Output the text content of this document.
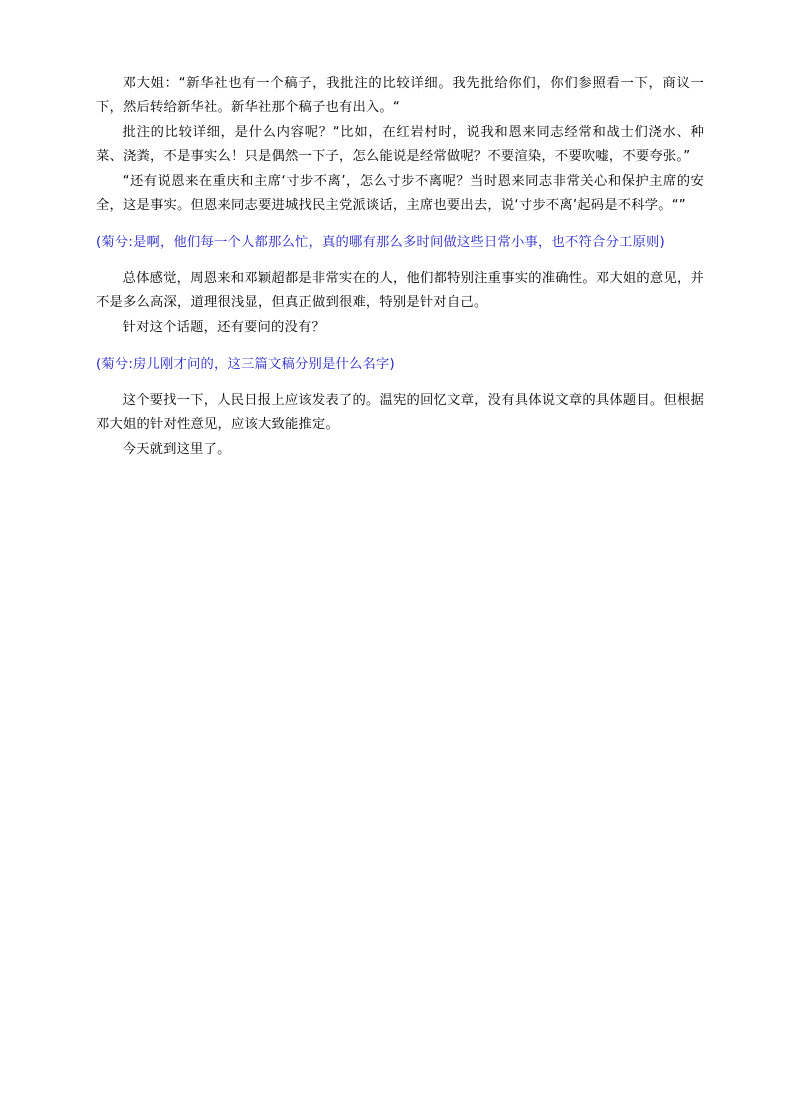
邓大姐：“新华社也有一个稿子，我批注的比较详细。我先批给你们，你们参照看一下，商议一下，然后转给新华社。新华社那个稿子也有出入。“

批注的比较详细，是什么内容呢？“比如，在红岩村时，说我和恩来同志经常和战士们浇水、种菜、浇粪，不是事实么！只是偶然一下子，怎么能说是经常做呢？不要渲染，不要吹嘘，不要夸张。”

“还有说恩来在重庆和主席‘寸步不离’，怎么寸步不离呢？当时恩来同志非常关心和保护主席的安全，这是事实。但恩来同志要进城找民主党派谈话，主席也要出去，说‘寸步不离’起码是不科学。“”

(菊兮:是啊，他们每一个人都那么忙，真的哪有那么多时间做这些日常小事，也不符合分工原则)

总体感觉，周恩来和邓颖超都是非常实在的人，他们都特别注重事实的准确性。邓大姐的意见，并不是多么高深，道理很浅显，但真正做到很难，特别是针对自己。

针对这个话题，还有要问的没有？

(菊兮:房儿刚才问的，这三篇文稿分别是什么名字)

这个要找一下，人民日报上应该发表了的。温宪的回忆文章，没有具体说文章的具体题目。但根据邓大姐的针对性意见，应该大致能推定。

今天就到这里了。
